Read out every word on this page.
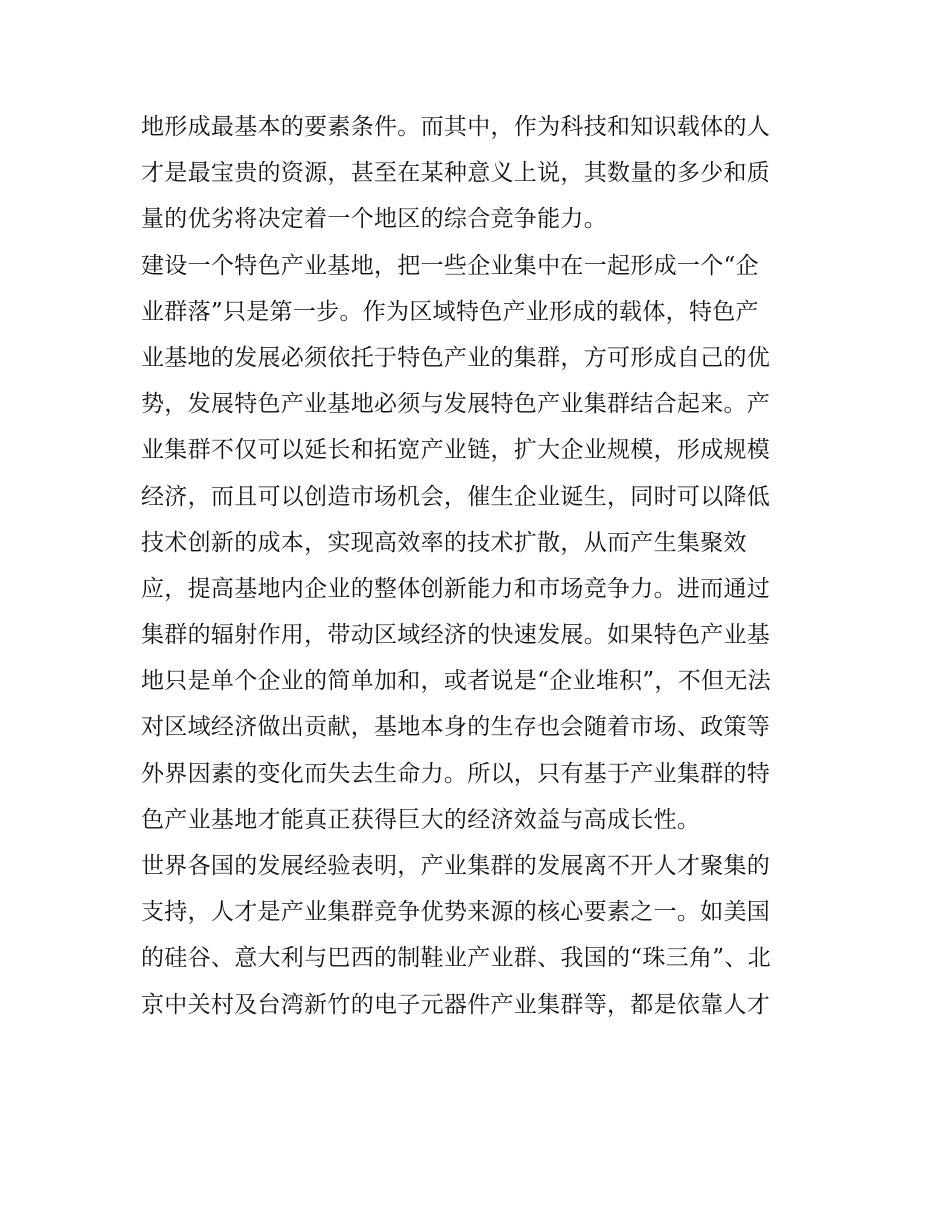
地形成最基本的要素条件。而其中，作为科技和知识载体的人
才是最宝贵的资源，甚至在某种意义上说，其数量的多少和质
量的优劣将决定着一个地区的综合竞争能力。
建设一个特色产业基地，把一些企业集中在一起形成一个“企
业群落”只是第一步。作为区域特色产业形成的载体，特色产
业基地的发展必须依托于特色产业的集群，方可形成自己的优
势，发展特色产业基地必须与发展特色产业集群结合起来。产
业集群不仅可以延长和拓宽产业链，扩大企业规模，形成规模
经济，而且可以创造市场机会，催生企业诞生，同时可以降低
技术创新的成本，实现高效率的技术扩散，从而产生集聚效
应，提高基地内企业的整体创新能力和市场竞争力。进而通过
集群的辐射作用，带动区域经济的快速发展。如果特色产业基
地只是单个企业的简单加和，或者说是“企业堆积”，不但无法
对区域经济做出贡献，基地本身的生存也会随着市场、政策等
外界因素的变化而失去生命力。所以，只有基于产业集群的特
色产业基地才能真正获得巨大的经济效益与高成长性。
世界各国的发展经验表明，产业集群的发展离不开人才聚集的
支持，人才是产业集群竞争优势来源的核心要素之一。如美国
的硅谷、意大利与巴西的制鞋业产业群、我国的“珠三角”、北
京中关村及台湾新竹的电子元器件产业集群等，都是依靠人才
